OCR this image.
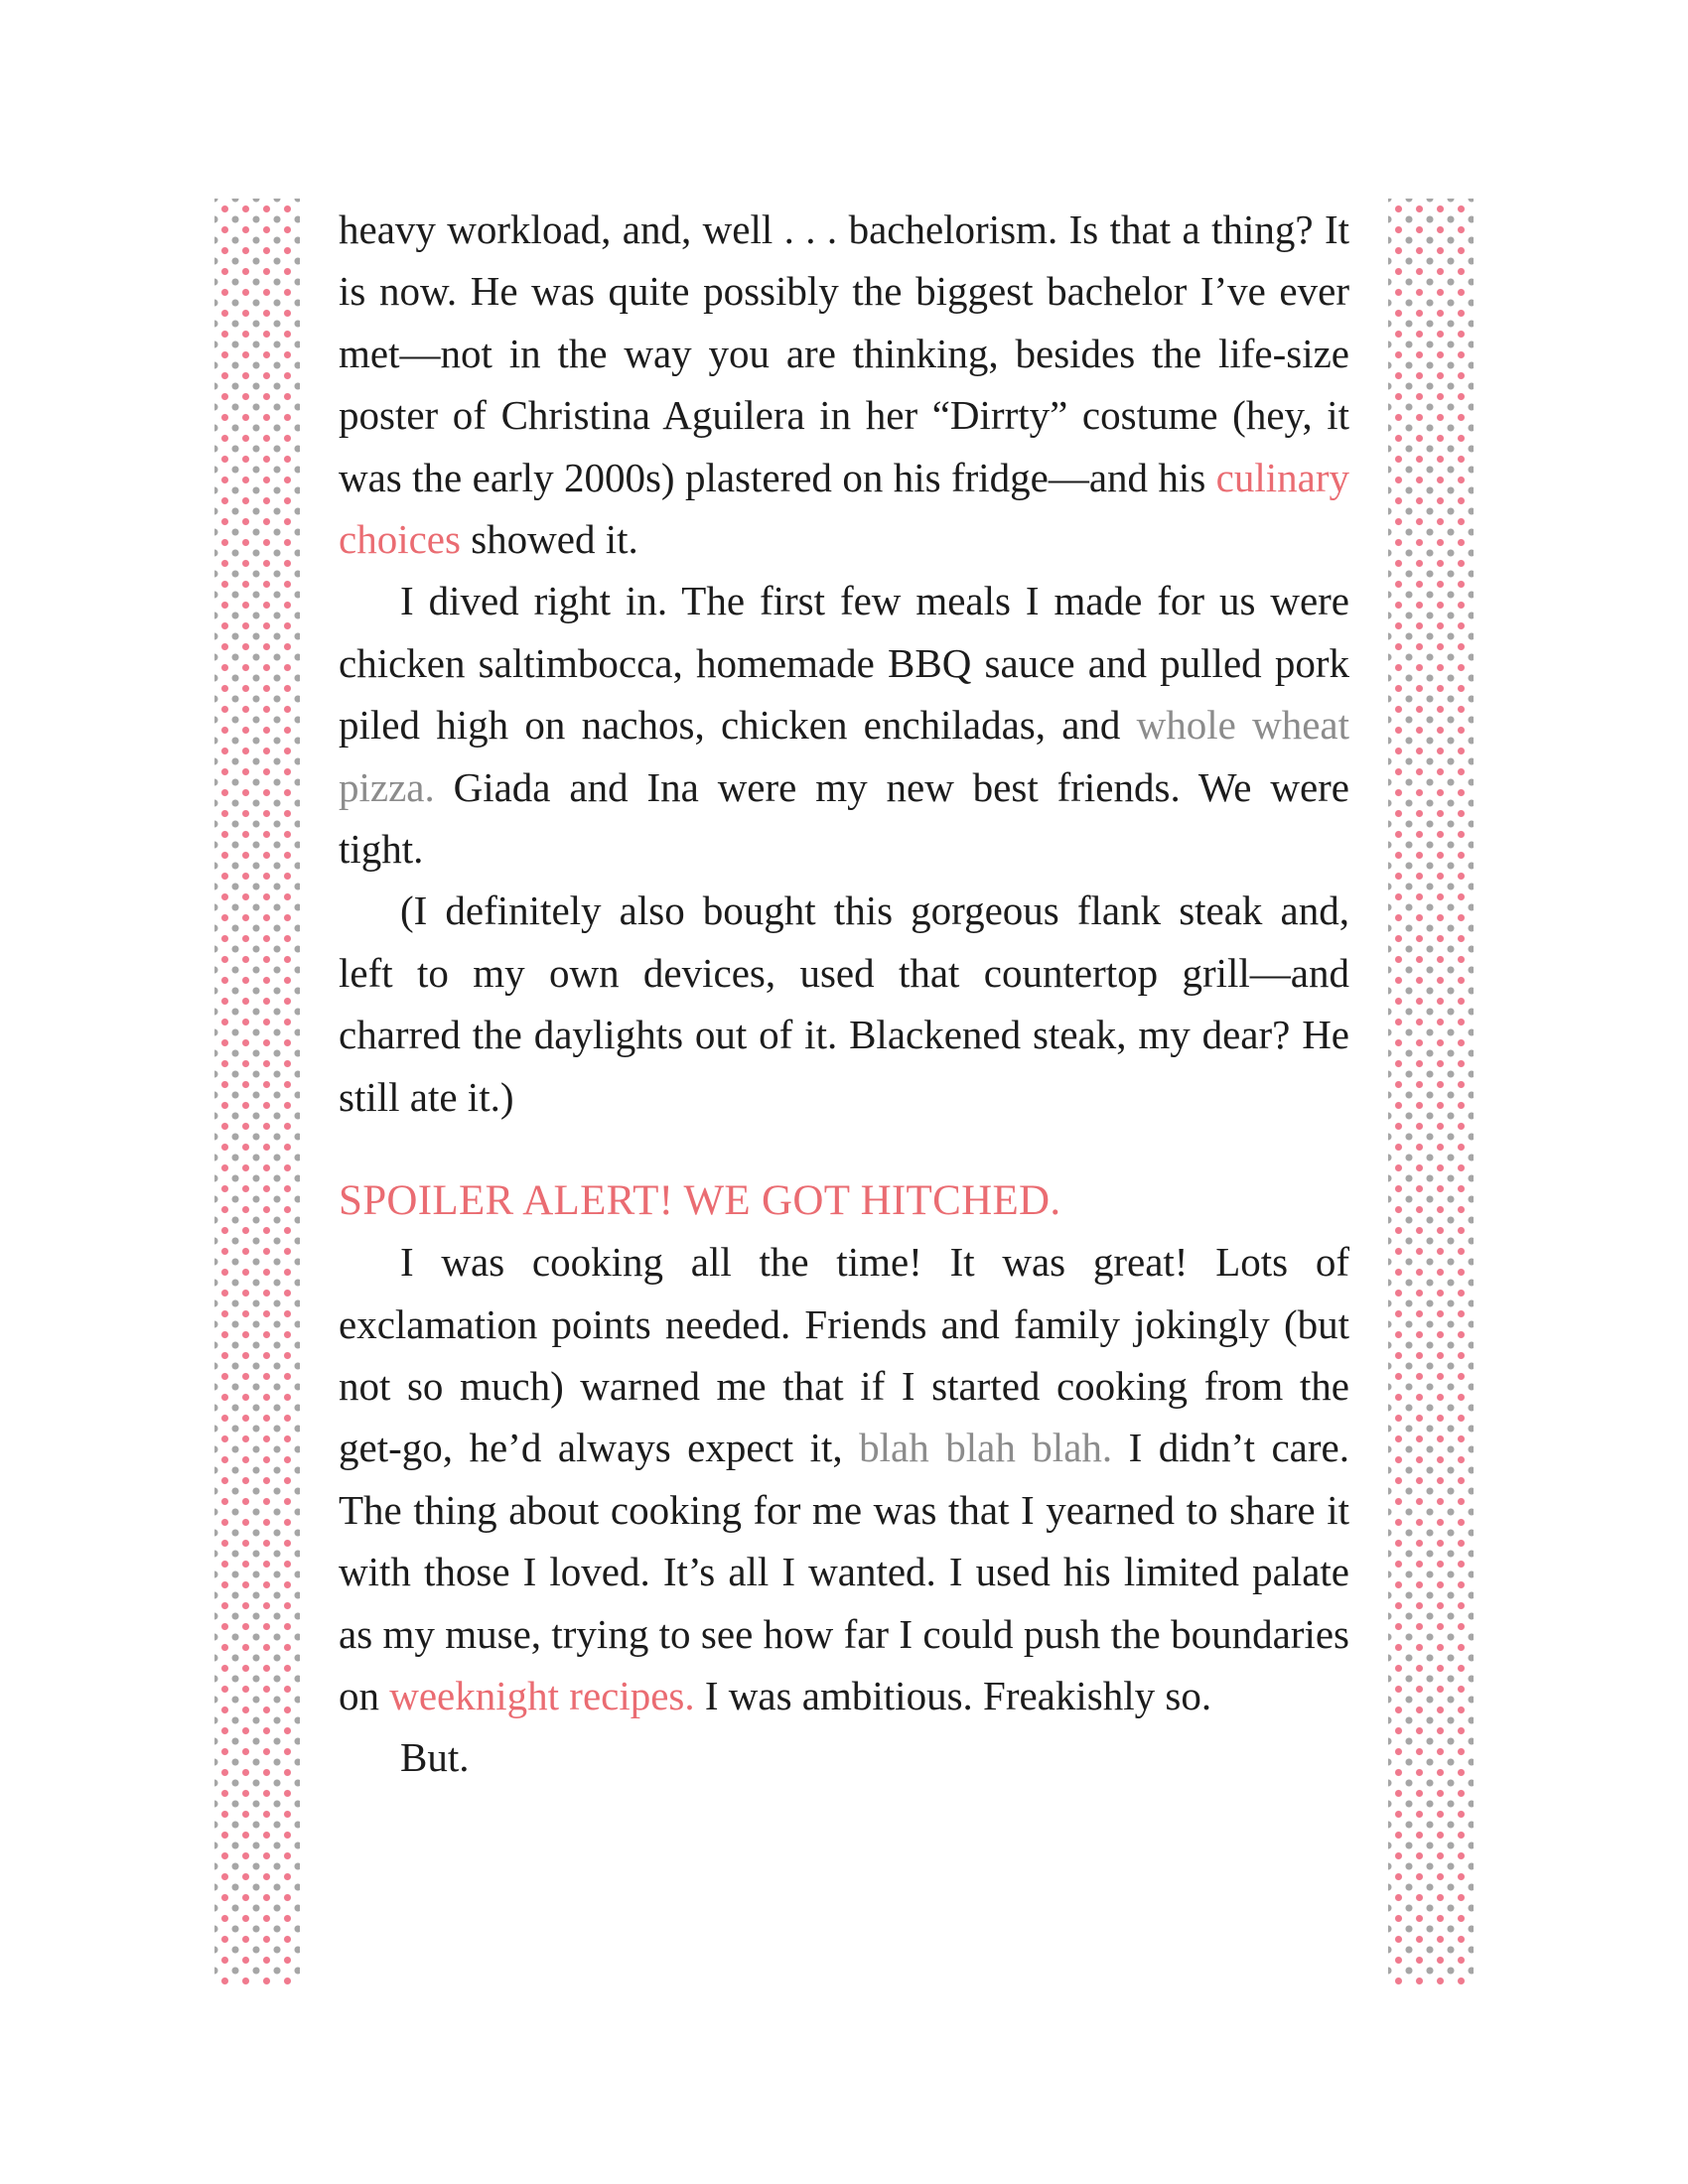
heavy workload, and, well . . . bachelorism. Is that a thing? It is now. He was quite possibly the biggest bachelor I’ve ever met—not in the way you are thinking, besides the life-size poster of Christina Aguilera in her “Dirrty” costume (hey, it was the early 2000s) plastered on his fridge—and his culinary choices showed it.

I dived right in. The first few meals I made for us were chicken saltimbocca, homemade BBQ sauce and pulled pork piled high on nachos, chicken enchiladas, and whole wheat pizza. Giada and Ina were my new best friends. We were tight.

(I definitely also bought this gorgeous flank steak and, left to my own devices, used that countertop grill—and charred the daylights out of it. Blackened steak, my dear? He still ate it.)

SPOILER ALERT! WE GOT HITCHED.

I was cooking all the time! It was great! Lots of exclamation points needed. Friends and family jokingly (but not so much) warned me that if I started cooking from the get-go, he’d always expect it, blah blah blah. I didn’t care. The thing about cooking for me was that I yearned to share it with those I loved. It’s all I wanted. I used his limited palate as my muse, trying to see how far I could push the boundaries on weeknight recipes. I was ambitious. Freakishly so.

But.
